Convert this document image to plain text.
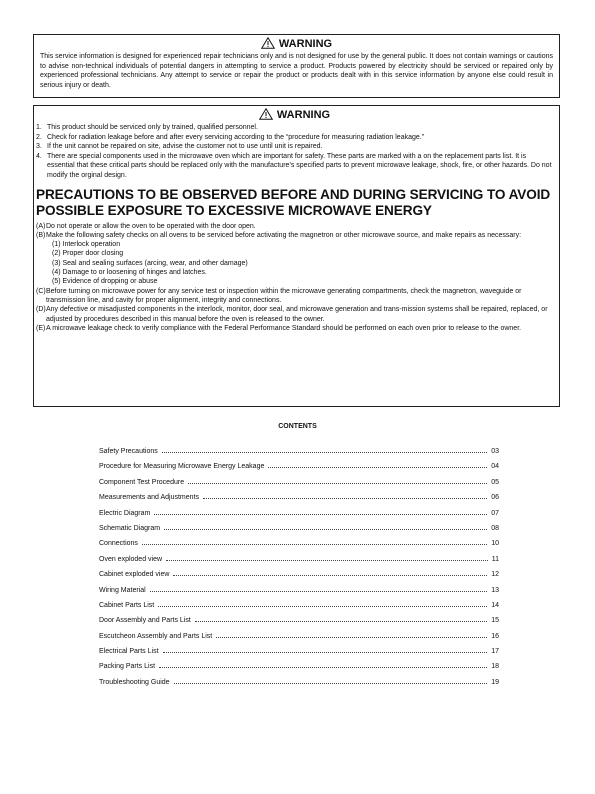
WARNING
This service information is designed for experienced repair technicians only and is not designed for use by the general public. It does not contain warnings or cautions to advise non-technical individuals of potential dangers in attempting to service a product. Products powered by electricity should be serviced or repaired only by experienced professional technicians. Any attempt to service or repair the product or products dealt with in this service information by anyone else could result in serious injury or death.
WARNING
1. This product should be serviced only by trained, qualified personnel.
2. Check for radiation leakage before and after every servicing according to the “procedure for measuring radiation leakage.”
3. If the unit cannot be repaired on site, advise the customer not to use until unit is repaired.
4. There are special components used in the microwave oven which are important for safety. These parts are marked with a on the replacement parts list. It is essential that these critical parts should be replaced only with the manufacture’s specified parts to prevent microwave leakage, shock, fire, or other hazards. Do not modify the orginal design.
PRECAUTIONS TO BE OBSERVED BEFORE AND DURING SERVICING TO AVOID POSSIBLE EXPOSURE TO EXCESSIVE MICROWAVE ENERGY
(A) Do not operate or allow the oven to be operated with the door open.
(B) Make the following safety checks on all ovens to be serviced before activating the magnetron or other microwave source, and make repairs as necessary:
(1) Interlock operation
(2) Proper door closing
(3) Seal and sealing surfaces (arcing, wear, and other damage)
(4) Damage to or loosening of hinges and latches.
(5) Evidence of dropping or abuse
(C) Before turning on microwave power for any service test or inspection within the microwave generating compartments, check the magnetron, waveguide or transmission line, and cavity for proper alignment, integrity and connections.
(D) Any defective or misadjusted components in the interlock, monitor, door seal, and microwave generation and trans-mission systems shall be repaired, replaced, or adjusted by procedures described in this manual before the oven is released to the owner.
(E) A microwave leakage check to verify compliance with the Federal Performance Standard should be performed on each oven prior to release to the owner.
CONTENTS
Safety Precautions	03
Procedure for Measuring Microwave Energy Leakage	04
Component Test Procedure	05
Measurements and Adjustments	06
Electric Diagram	07
Schematic Diagram	08
Connections	10
Oven exploded view	11
Cabinet exploded view	12
Wiring Material	13
Cabinet Parts List	14
Door Assembly and Parts List	15
Escutcheon Assembly and Parts List	16
Electrical Parts List	17
Packing Parts List	18
Troubleshooting Guide	19
